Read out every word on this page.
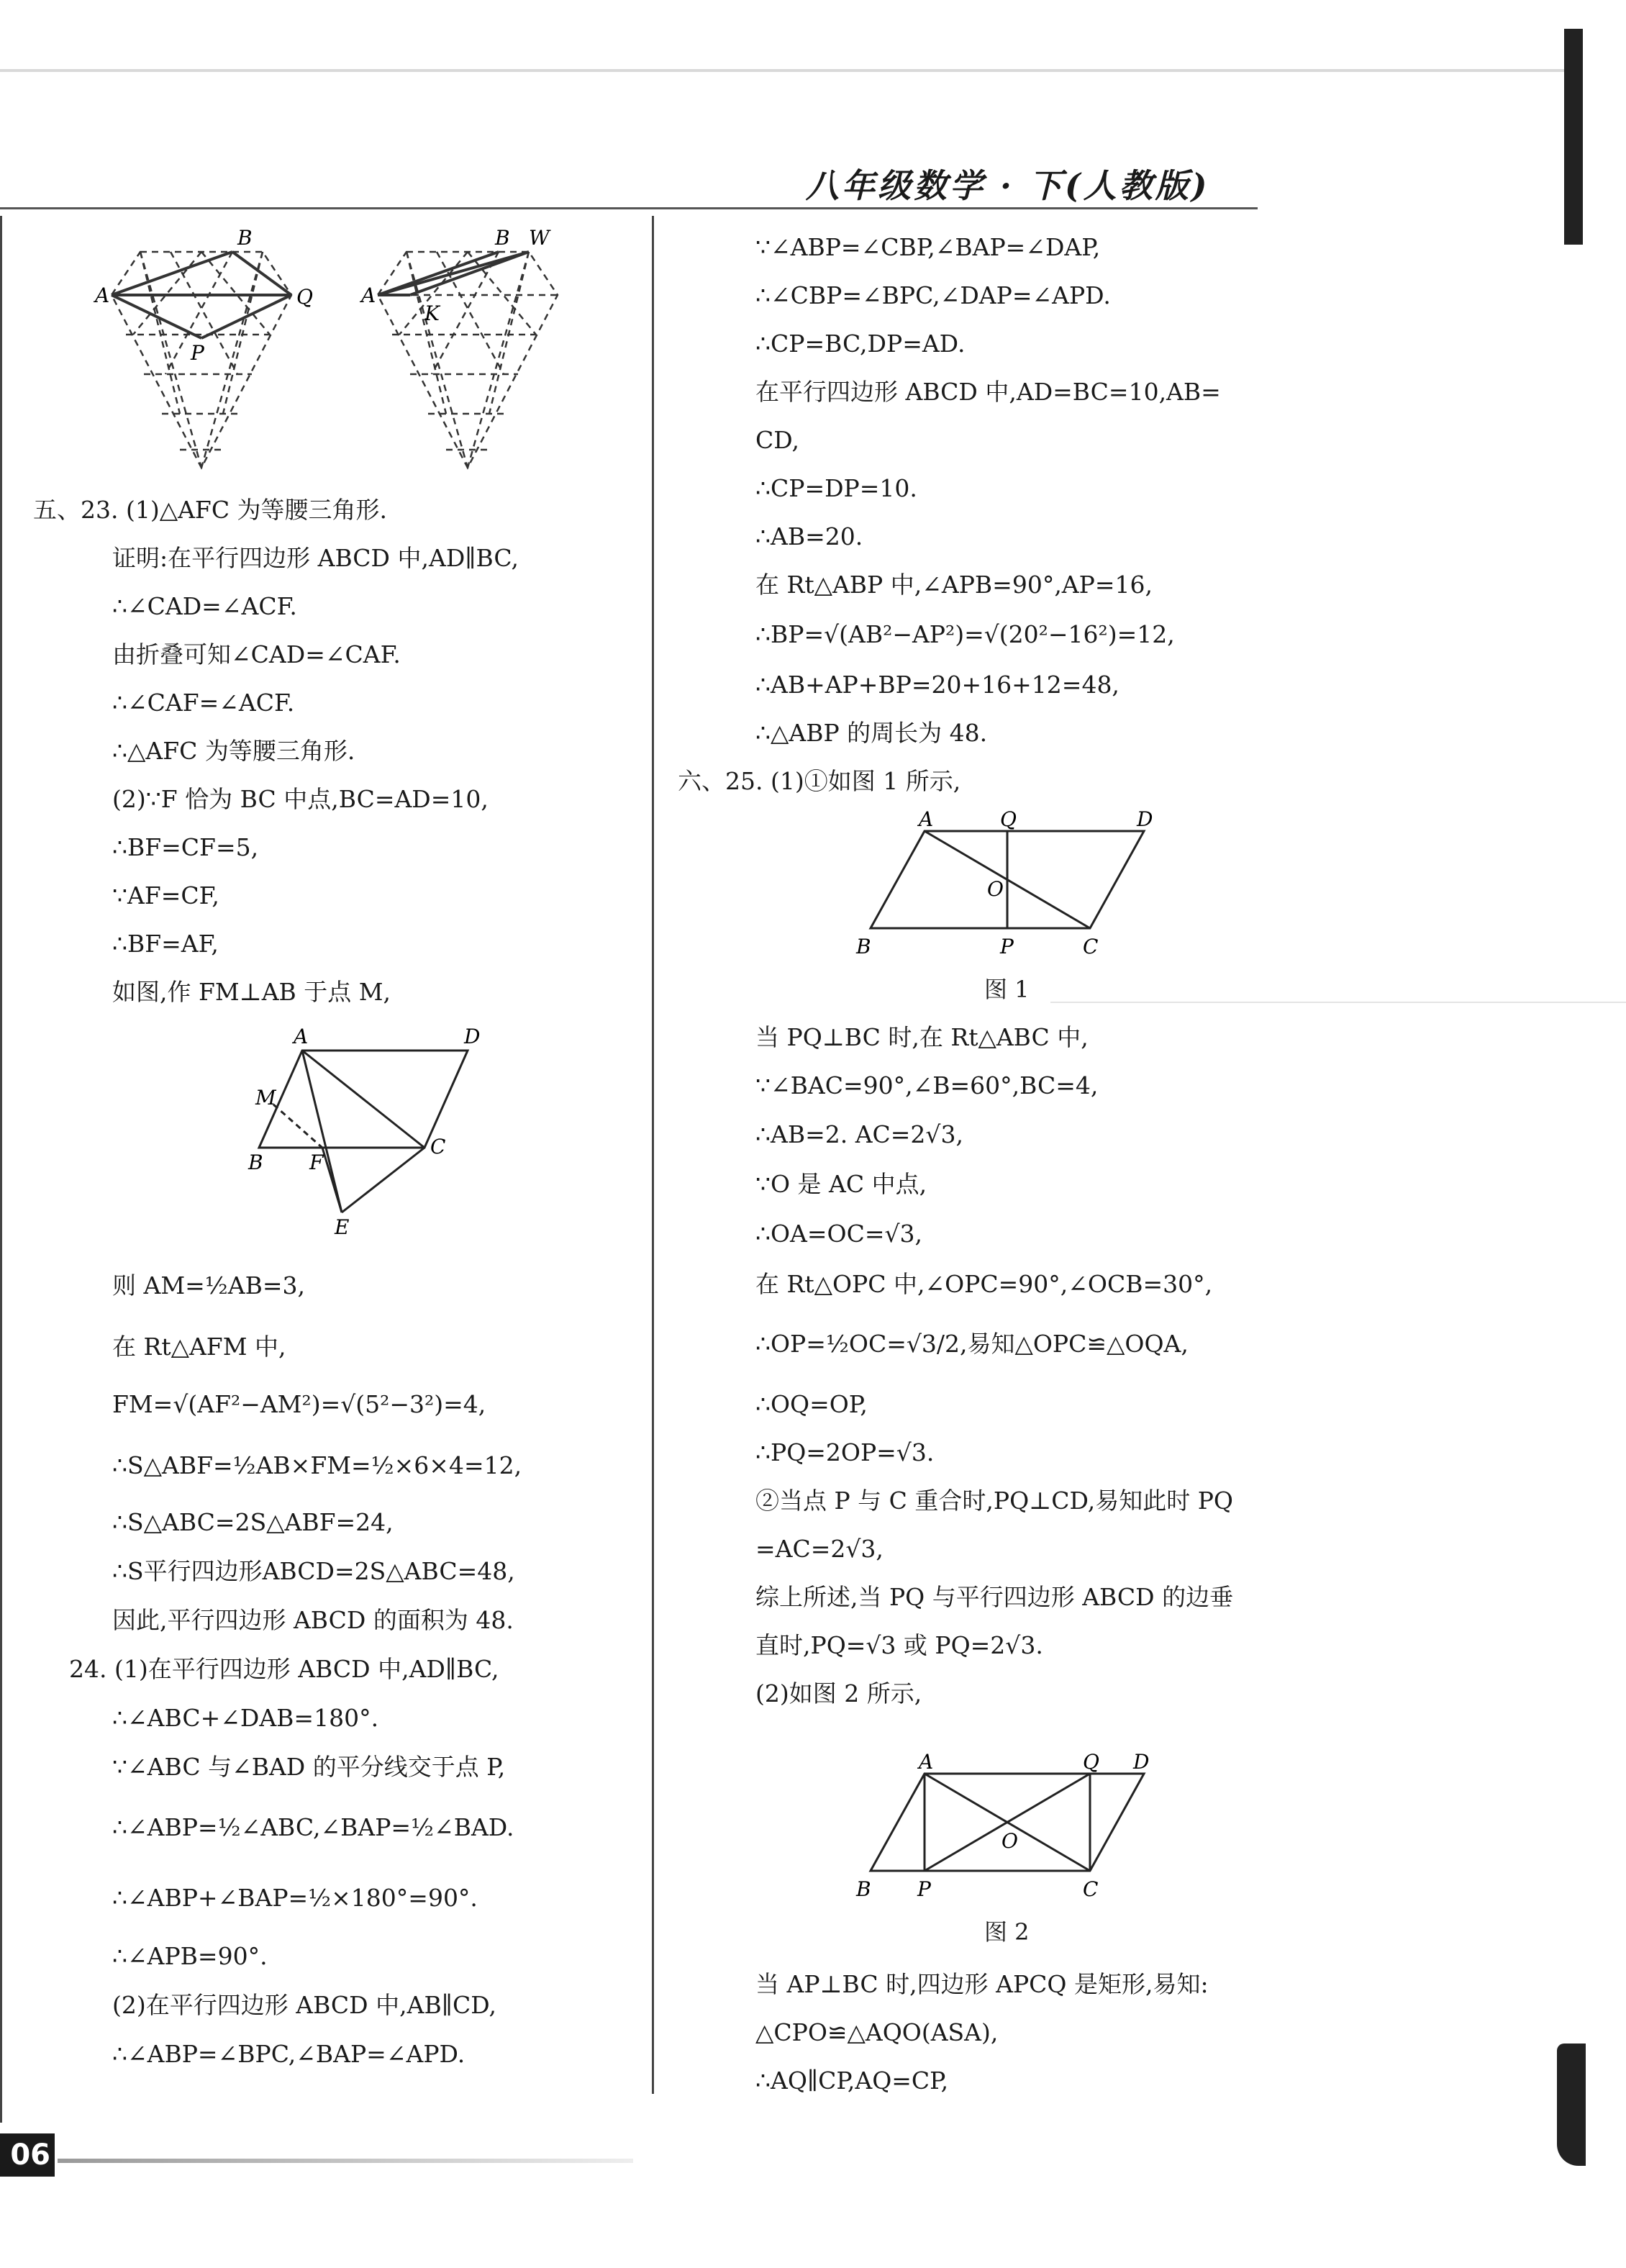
八年级数学 · 下(人教版)
B
A	Q
P
B W
A
K
五、23. (1)△AFC 为等腰三角形.
证明:在平行四边形 ABCD 中,AD∥BC,
∴∠CAD=∠ACF.
由折叠可知∠CAD=∠CAF.
∴∠CAF=∠ACF.
∴△AFC 为等腰三角形.
(2)∵F 恰为 BC 中点,BC=AD=10,
∴BF=CF=5,
∵AF=CF,
∴BF=AF,
如图,作 FM⊥AB 于点 M,
A	D
M
B F
C
E
则 AM=½AB=3,
在 Rt△AFM 中,
FM=√(AF²−AM²)=√(5²−3²)=4,
∴S△ABF=½AB×FM=½×6×4=12,
∴S△ABC=2S△ABF=24,
∴S平行四边形ABCD=2S△ABC=48,
因此,平行四边形 ABCD 的面积为 48.
24. (1)在平行四边形 ABCD 中,AD∥BC,
∴∠ABC+∠DAB=180°.
∵∠ABC 与∠BAD 的平分线交于点 P,
∴∠ABP=½∠ABC,∠BAP=½∠BAD.
∴∠ABP+∠BAP=½×180°=90°.
∴∠APB=90°.
(2)在平行四边形 ABCD 中,AB∥CD,
∴∠ABP=∠BPC,∠BAP=∠APD.
∵∠ABP=∠CBP,∠BAP=∠DAP,
∴∠CBP=∠BPC,∠DAP=∠APD.
∴CP=BC,DP=AD.
在平行四边形 ABCD 中,AD=BC=10,AB=
CD,
∴CP=DP=10.
∴AB=20.
在 Rt△ABP 中,∠APB=90°,AP=16,
∴BP=√(AB²−AP²)=√(20²−16²)=12,
∴AB+AP+BP=20+16+12=48,
∴△ABP 的周长为 48.
六、25. (1)①如图 1 所示,
A	Q	D
O
B	P	C
图 1
当 PQ⊥BC 时,在 Rt△ABC 中,
∵∠BAC=90°,∠B=60°,BC=4,
∴AB=2. AC=2√3,
∵O 是 AC 中点,
∴OA=OC=√3,
在 Rt△OPC 中,∠OPC=90°,∠OCB=30°,
∴OP=½OC=√3/2,易知△OPC≌△OQA,
∴OQ=OP,
∴PQ=2OP=√3.
②当点 P 与 C 重合时,PQ⊥CD,易知此时 PQ
=AC=2√3,
综上所述,当 PQ 与平行四边形 ABCD 的边垂
直时,PQ=√3 或 PQ=2√3.
(2)如图 2 所示,
A	Q D
O
B P	C
图 2
当 AP⊥BC 时,四边形 APCQ 是矩形,易知:
△CPO≌△AQO(ASA),
∴AQ∥CP,AQ=CP,
06
